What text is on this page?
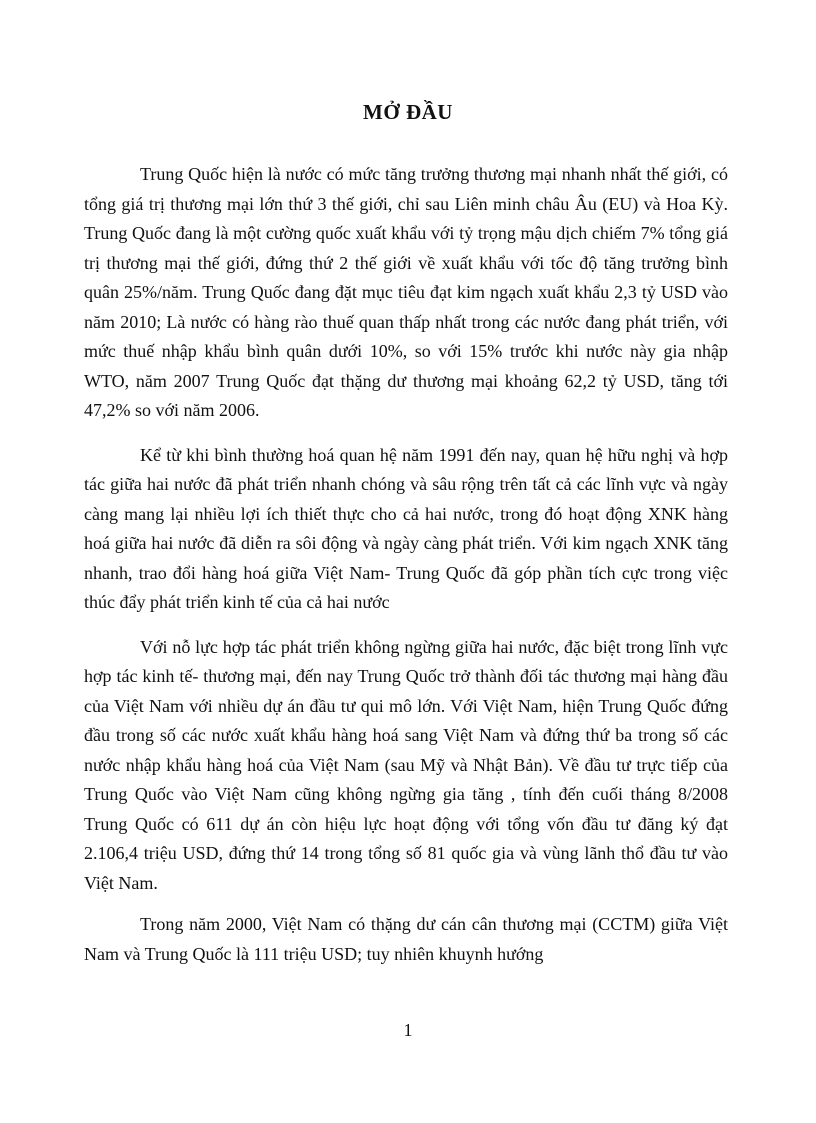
MỞ ĐẦU

Trung Quốc hiện là nước có mức tăng trưởng thương mại nhanh nhất thế giới, có tổng giá trị thương mại lớn thứ 3 thế giới, chỉ sau Liên minh châu Âu (EU) và Hoa Kỳ. Trung Quốc đang là một cường quốc xuất khẩu với tỷ trọng mậu dịch chiếm 7% tổng giá trị thương mại thế giới, đứng thứ 2 thế giới về xuất khẩu với tốc độ tăng trưởng bình quân 25%/năm. Trung Quốc đang đặt mục tiêu đạt kim ngạch xuất khẩu 2,3 tỷ USD vào năm 2010; Là nước có hàng rào thuế quan thấp nhất trong các nước đang phát triển, với mức thuế nhập khẩu bình quân dưới 10%, so với 15% trước khi nước này gia nhập WTO, năm 2007 Trung Quốc đạt thặng dư thương mại khoảng 62,2 tỷ USD, tăng tới 47,2% so với năm 2006.

Kể từ khi bình thường hoá quan hệ năm 1991 đến nay, quan hệ hữu nghị và hợp tác giữa hai nước đã phát triển nhanh chóng và sâu rộng trên tất cả các lĩnh vực và ngày càng mang lại nhiều lợi ích thiết thực cho cả hai nước, trong đó hoạt động XNK hàng hoá giữa hai nước đã diễn ra sôi động và ngày càng phát triển. Với kim ngạch XNK tăng nhanh, trao đổi hàng hoá giữa Việt Nam- Trung Quốc đã góp phần tích cực trong việc thúc đẩy phát triển kinh tế của cả hai nước

Với nỗ lực hợp tác phát triển không ngừng giữa hai nước, đặc biệt trong lĩnh vực hợp tác kinh tế- thương mại, đến nay Trung Quốc trở thành đối tác thương mại hàng đầu của Việt Nam với nhiều dự án đầu tư qui mô lớn. Với Việt Nam, hiện Trung Quốc đứng đầu trong số các nước xuất khẩu hàng hoá sang Việt Nam và đứng thứ ba trong số các nước nhập khẩu hàng hoá của Việt Nam (sau Mỹ và Nhật Bản). Về đầu tư trực tiếp của Trung Quốc vào Việt Nam cũng không ngừng gia tăng , tính đến cuối tháng 8/2008 Trung Quốc có 611 dự án còn hiệu lực hoạt động với tổng vốn đầu tư đăng ký đạt 2.106,4 triệu USD, đứng thứ 14 trong tổng số 81 quốc gia và vùng lãnh thổ đầu tư vào Việt Nam.

Trong năm 2000, Việt Nam có thặng dư cán cân thương mại (CCTM) giữa Việt Nam và Trung Quốc là 111 triệu USD; tuy nhiên khuynh hướng

1
